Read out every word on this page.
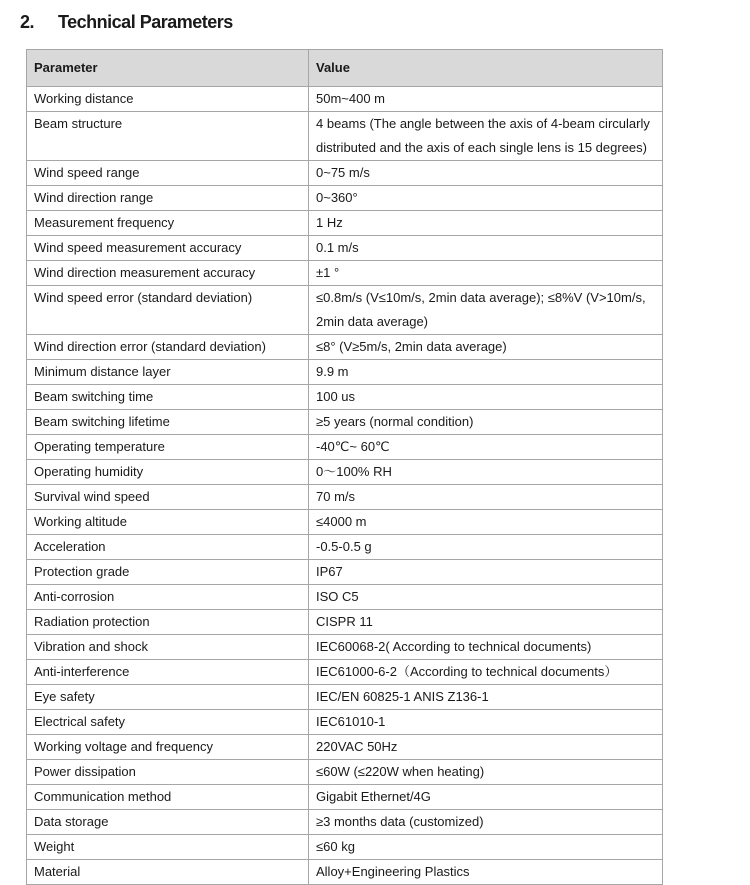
2.	Technical Parameters
Parameter	Value
Working distance	50m~400 m
Beam structure	4 beams (The angle between the axis of 4-beam circularly distributed and the axis of each single lens is 15 degrees)
Wind speed range	0~75 m/s
Wind direction range	0~360°
Measurement frequency	1 Hz
Wind speed measurement accuracy	0.1 m/s
Wind direction measurement accuracy	±1 °
Wind speed error (standard deviation)	≤0.8m/s (V≤10m/s, 2min data average); ≤8%V (V>10m/s, 2min data average)
Wind direction error (standard deviation)	≤8° (V≥5m/s, 2min data average)
Minimum distance layer	9.9 m
Beam switching time	100 us
Beam switching lifetime	≥5 years (normal condition)
Operating temperature	-40℃~ 60℃
Operating humidity	0～100% RH
Survival wind speed	70 m/s
Working altitude	≤4000 m
Acceleration	-0.5-0.5 g
Protection grade	IP67
Anti-corrosion	ISO C5
Radiation protection	CISPR 11
Vibration and shock	IEC60068-2( According to technical documents)
Anti-interference	IEC61000-6-2（According to technical documents）
Eye safety	IEC/EN 60825-1 ANIS Z136-1
Electrical safety	IEC61010-1
Working voltage and frequency	220VAC 50Hz
Power dissipation	≤60W (≤220W when heating)
Communication method	Gigabit Ethernet/4G
Data storage	≥3 months data (customized)
Weight	≤60 kg
Material	Alloy+Engineering Plastics
